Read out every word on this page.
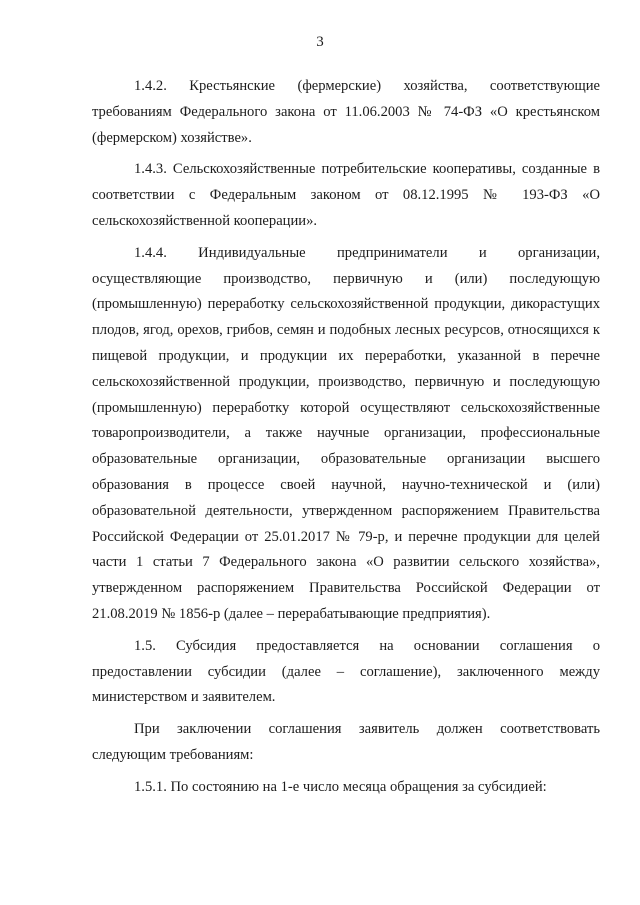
3

1.4.2. Крестьянские (фермерские) хозяйства, соответствующие требованиям Федерального закона от 11.06.2003 № 74-ФЗ «О крестьянском (фермерском) хозяйстве».

1.4.3. Сельскохозяйственные потребительские кооперативы, созданные в соответствии с Федеральным законом от 08.12.1995 № 193-ФЗ «О сельскохозяйственной кооперации».

1.4.4. Индивидуальные предприниматели и организации, осуществляющие производство, первичную и (или) последующую (промышленную) переработку сельскохозяйственной продукции, дикорастущих плодов, ягод, орехов, грибов, семян и подобных лесных ресурсов, относящихся к пищевой продукции, и продукции их переработки, указанной в перечне сельскохозяйственной продукции, производство, первичную и последующую (промышленную) переработку которой осуществляют сельскохозяйственные товаропроизводители, а также научные организации, профессиональные образовательные организации, образовательные организации высшего образования в процессе своей научной, научно-технической и (или) образовательной деятельности, утвержденном распоряжением Правительства Российской Федерации от 25.01.2017 № 79-р, и перечне продукции для целей части 1 статьи 7 Федерального закона «О развитии сельского хозяйства», утвержденном распоряжением Правительства Российской Федерации от 21.08.2019 № 1856-р (далее – перерабатывающие предприятия).

1.5. Субсидия предоставляется на основании соглашения о предоставлении субсидии (далее – соглашение), заключенного между министерством и заявителем.

При заключении соглашения заявитель должен соответствовать следующим требованиям:

1.5.1. По состоянию на 1-е число месяца обращения за субсидией:
